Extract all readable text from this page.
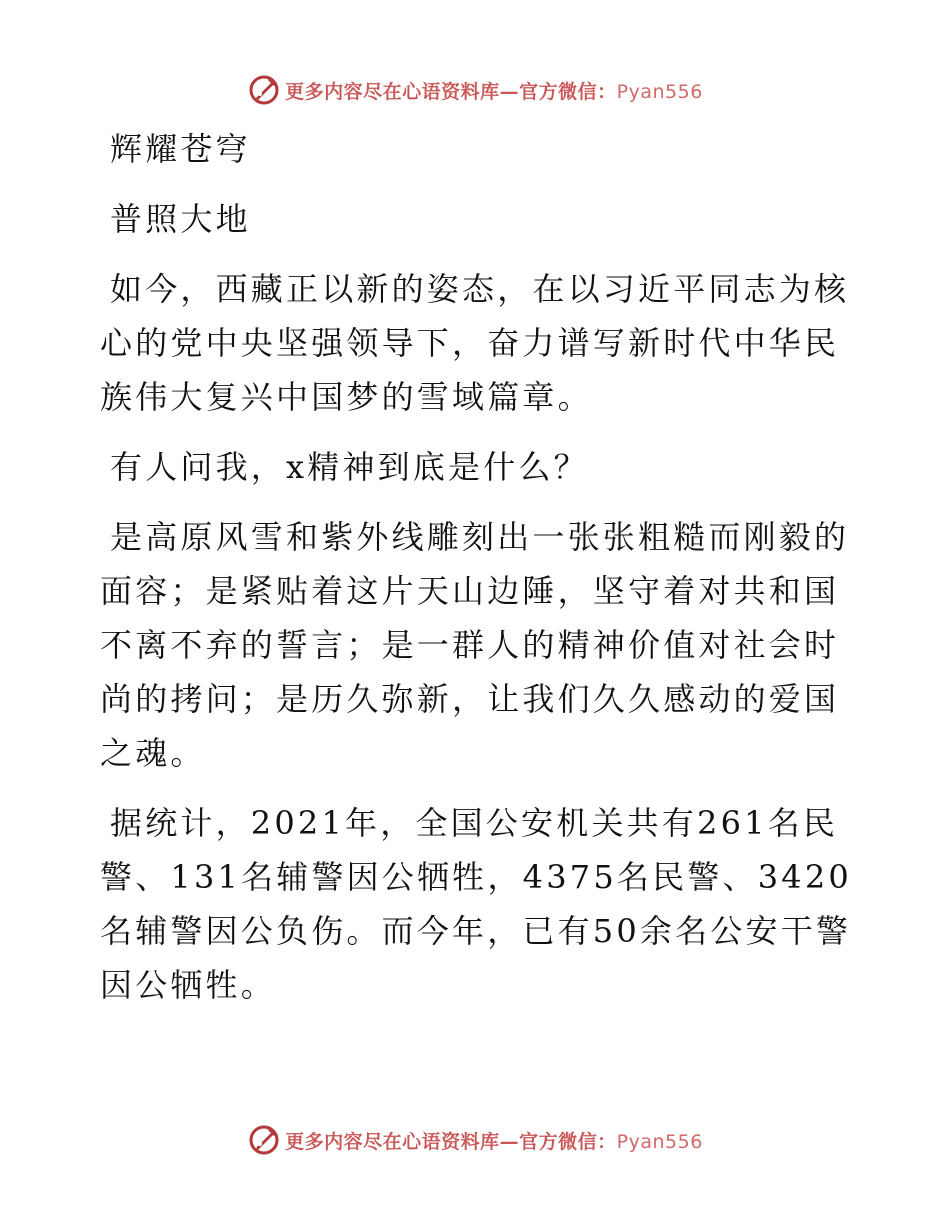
更多内容尽在心语资料库—官方微信：Pyan556

辉耀苍穹

普照大地

如今，西藏正以新的姿态，在以习近平同志为核心的党中央坚强领导下，奋力谱写新时代中华民族伟大复兴中国梦的雪域篇章。

有人问我，x精神到底是什么？

是高原风雪和紫外线雕刻出一张张粗糙而刚毅的面容；是紧贴着这片天山边陲，坚守着对共和国不离不弃的誓言；是一群人的精神价值对社会时尚的拷问；是历久弥新，让我们久久感动的爱国之魂。

据统计，2021年，全国公安机关共有261名民警、131名辅警因公牺牲，4375名民警、3420名辅警因公负伤。而今年，已有50余名公安干警因公牺牲。

更多内容尽在心语资料库—官方微信：Pyan556
